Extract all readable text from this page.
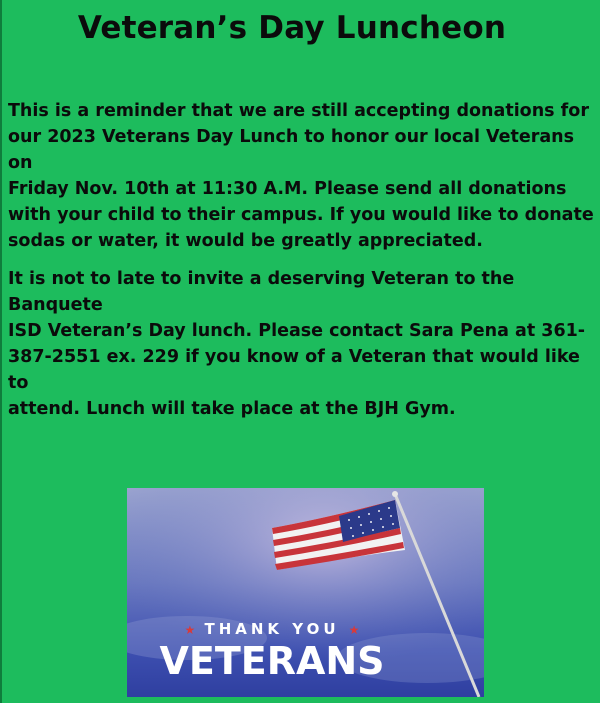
Veteran’s Day Luncheon
This is a reminder that we are still accepting donations for
our 2023 Veterans Day Lunch to honor our local Veterans on
Friday Nov. 10th at 11:30 A.M. Please send all donations
with your child to their campus. If you would like to donate
sodas or water, it would be greatly appreciated.
It is not to late to invite a deserving Veteran to the Banquete
ISD Veteran’s Day lunch. Please contact Sara Pena at 361-
387-2551 ex. 229 if you know of a Veteran that would like to
attend. Lunch will take place at the BJH Gym.
★ THANK YOU ★
VETERANS
